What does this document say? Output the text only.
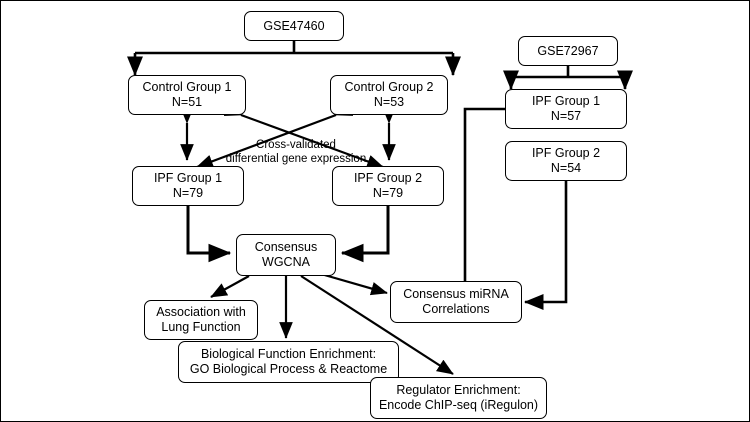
GSE47460
GSE72967
Control Group 1
N=51
Control Group 2
N=53	IPF Group 1
N=57
IPF Group 2
N=54
IPF Group 1
N=79
IPF Group 2
N=79
Consensus
WGCNA
Consensus miRNA
Correlations
Association with
Lung Function
Biological Function Enrichment:
GO Biological Process & Reactome
Regulator Enrichment:
Encode ChIP-seq (iRegulon)
Cross-validated
differential gene expression
